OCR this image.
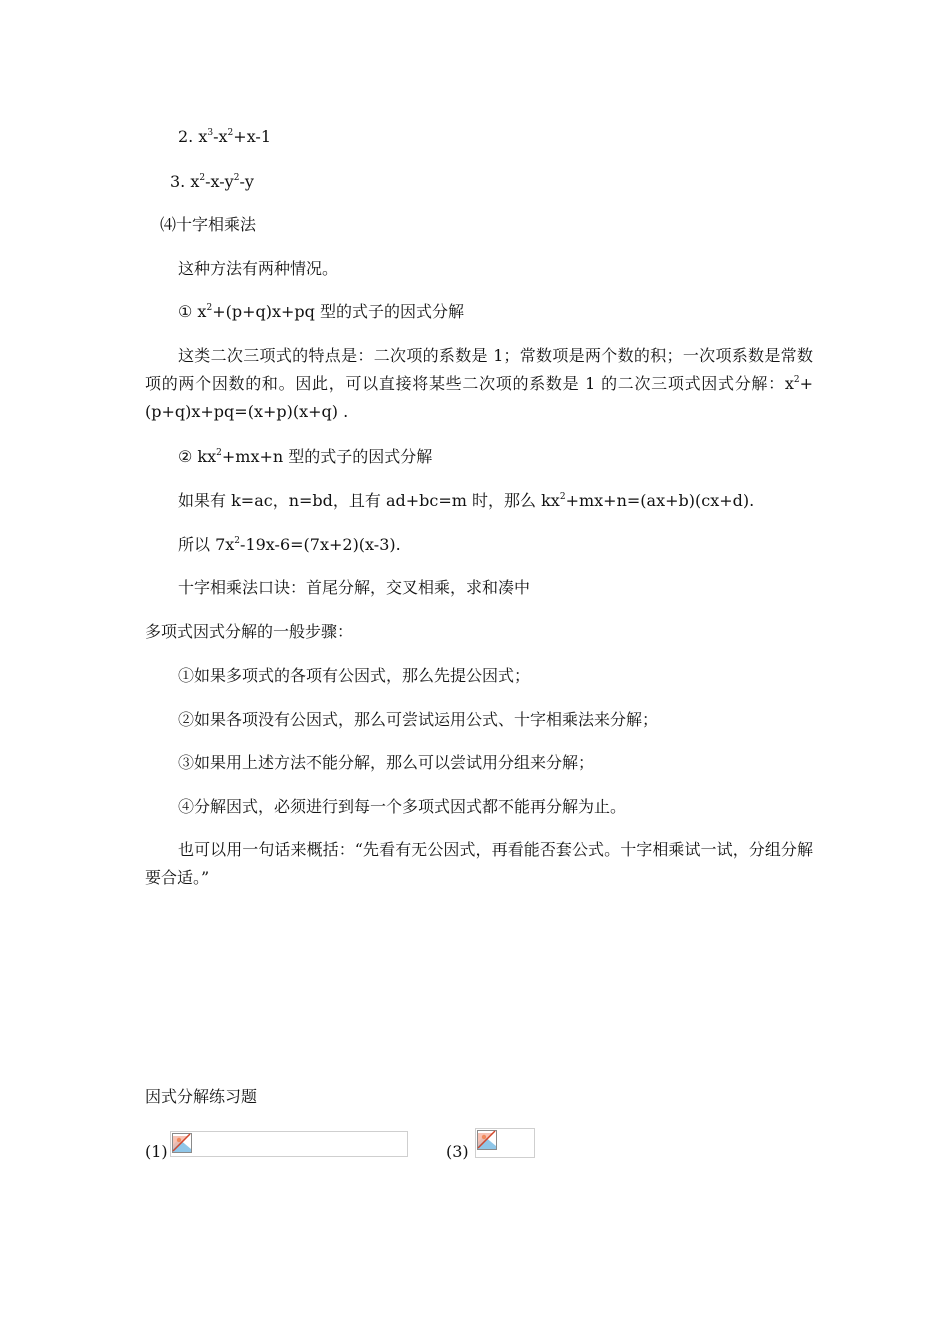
2. $x^3-x^2+x-1$
3. $x^2-x-y^2-y$
⑷十字相乘法
这种方法有两种情况。
① $x^2+(p+q)x+pq$ 型的式子的因式分解
这类二次三项式的特点是：二次项的系数是 1；常数项是两个数的积；一次项系数是常数项的两个因数的和。因此，可以直接将某些二次项的系数是 1 的二次三项式因式分解：$x^2+(p+q)x+pq=(x+p)(x+q)$ .
② $kx^2+mx+n$ 型的式子的因式分解
如果有 k=ac，n=bd，且有 ad+bc=m 时，那么 $kx^2+mx+n=(ax+b)(cx+d)$.
所以 $7x^2-19x-6=(7x+2)(x-3)$.
十字相乘法口诀：首尾分解，交叉相乘，求和凑中
多项式因式分解的一般步骤：
①如果多项式的各项有公因式，那么先提公因式；
②如果各项没有公因式，那么可尝试运用公式、十字相乘法来分解；
③如果用上述方法不能分解，那么可以尝试用分组来分解；
④分解因式，必须进行到每一个多项式因式都不能再分解为止。
也可以用一句话来概括：“先看有无公因式，再看能否套公式。十字相乘试一试，分组分解要合适。”
因式分解练习题
(1)	(3)
